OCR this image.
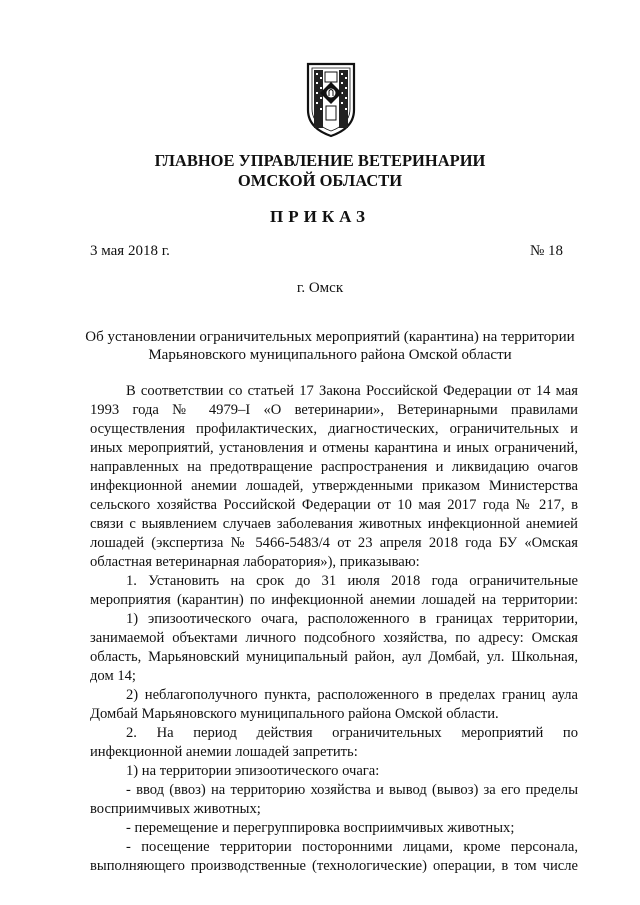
ГЛАВНОЕ УПРАВЛЕНИЕ ВЕТЕРИНАРИИ
ОМСКОЙ ОБЛАСТИ
ПРИКАЗ
3 мая 2018 г.	№ 18
г. Омск
Об установлении ограничительных мероприятий (карантина) на территории
Марьяновского муниципального района Омской области
В соответствии со статьей 17 Закона Российской Федерации от 14 мая
1993 года № 4979–I «О ветеринарии», Ветеринарными правилами
осуществления профилактических, диагностических, ограничительных и
иных мероприятий, установления и отмены карантина и иных ограничений,
направленных на предотвращение распространения и ликвидацию очагов
инфекционной анемии лошадей, утвержденными приказом Министерства
сельского хозяйства Российской Федерации от 10 мая 2017 года № 217, в
связи с выявлением случаев заболевания животных инфекционной анемией
лошадей (экспертиза № 5466-5483/4 от 23 апреля 2018 года БУ «Омская
областная ветеринарная лаборатория»), приказываю:
1. Установить на срок до 31 июля 2018 года ограничительные
мероприятия (карантин) по инфекционной анемии лошадей на территории:
1) эпизоотического очага, расположенного в границах территории,
занимаемой объектами личного подсобного хозяйства, по адресу: Омская
область, Марьяновский муниципальный район, аул Домбай, ул. Школьная,
дом 14;
2) неблагополучного пункта, расположенного в пределах границ аула
Домбай Марьяновского муниципального района Омской области.
2. На период действия ограничительных мероприятий по
инфекционной анемии лошадей запретить:
1) на территории эпизоотического очага:
- ввод (ввоз) на территорию хозяйства и вывод (вывоз) за его пределы
восприимчивых животных;
- перемещение и перегруппировка восприимчивых животных;
- посещение территории посторонними лицами, кроме персонала,
выполняющего производственные (технологические) операции, в том числе
